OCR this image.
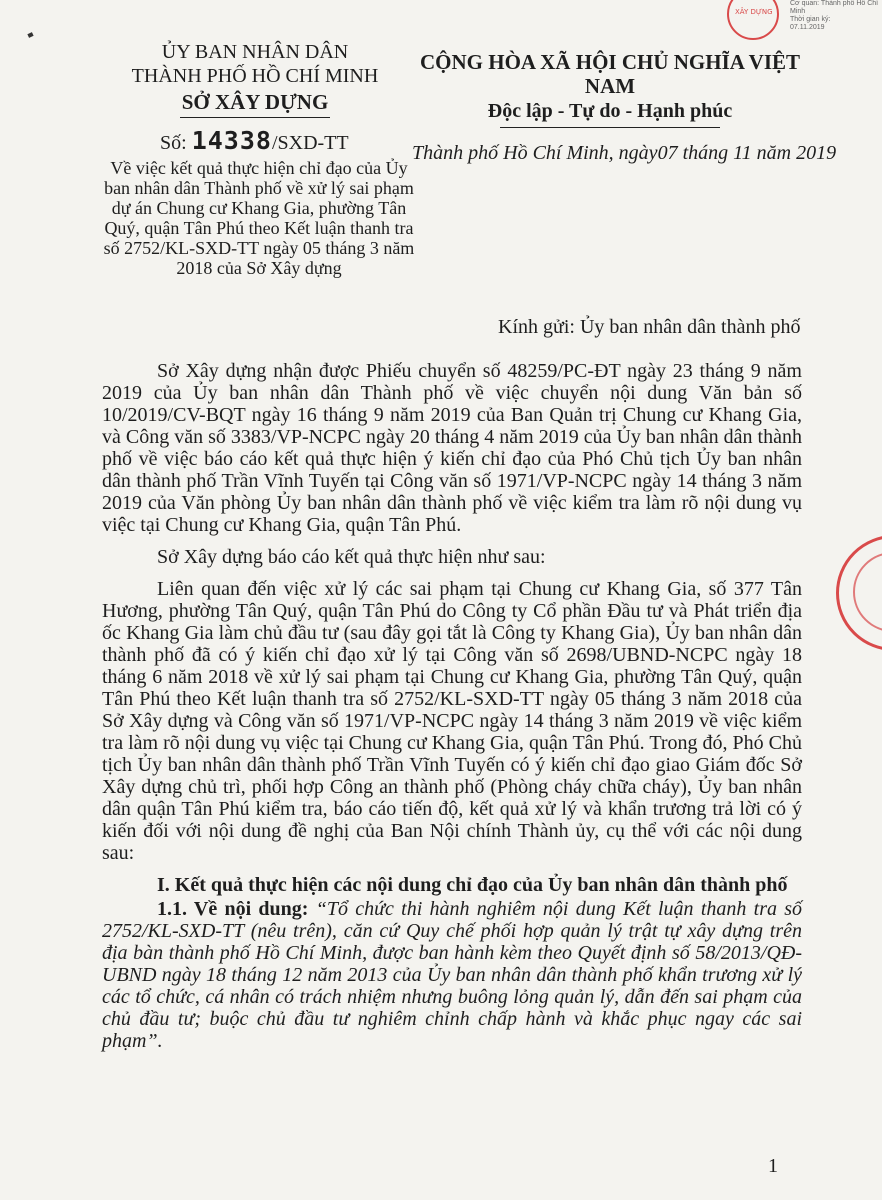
XÂY DỰNG
Cơ quan: Thành phố Hồ Chí Minh
Thời gian ký:
07.11.2019
ỦY BAN NHÂN DÂN
THÀNH PHỐ HỒ CHÍ MINH
SỞ XÂY DỰNG
CỘNG HÒA XÃ HỘI CHỦ NGHĨA VIỆT NAM
Độc lập - Tự do - Hạnh phúc
Số: 14338/SXD-TT	Thành phố Hồ Chí Minh, ngày07 tháng 11 năm 2019
Về việc kết quả thực hiện chỉ đạo của Ủy ban nhân dân Thành phố về xử lý sai phạm dự án Chung cư Khang Gia, phường Tân Quý, quận Tân Phú theo Kết luận thanh tra số 2752/KL-SXD-TT ngày 05 tháng 3 năm 2018 của Sở Xây dựng
Kính gửi: Ủy ban nhân dân thành phố

Sở Xây dựng nhận được Phiếu chuyển số 48259/PC-ĐT ngày 23 tháng 9 năm 2019 của Ủy ban nhân dân Thành phố về việc chuyển nội dung Văn bản số 10/2019/CV-BQT ngày 16 tháng 9 năm 2019 của Ban Quản trị Chung cư Khang Gia, và Công văn số 3383/VP-NCPC ngày 20 tháng 4 năm 2019 của Ủy ban nhân dân thành phố về việc báo cáo kết quả thực hiện ý kiến chỉ đạo của Phó Chủ tịch Ủy ban nhân dân thành phố Trần Vĩnh Tuyến tại Công văn số 1971/VP-NCPC ngày 14 tháng 3 năm 2019 của Văn phòng Ủy ban nhân dân thành phố về việc kiểm tra làm rõ nội dung vụ việc tại Chung cư Khang Gia, quận Tân Phú.

Sở Xây dựng báo cáo kết quả thực hiện như sau:

Liên quan đến việc xử lý các sai phạm tại Chung cư Khang Gia, số 377 Tân Hương, phường Tân Quý, quận Tân Phú do Công ty Cổ phần Đầu tư và Phát triển địa ốc Khang Gia làm chủ đầu tư (sau đây gọi tắt là Công ty Khang Gia), Ủy ban nhân dân thành phố đã có ý kiến chỉ đạo xử lý tại Công văn số 2698/UBND-NCPC ngày 18 tháng 6 năm 2018 về xử lý sai phạm tại Chung cư Khang Gia, phường Tân Quý, quận Tân Phú theo Kết luận thanh tra số 2752/KL-SXD-TT ngày 05 tháng 3 năm 2018 của Sở Xây dựng và Công văn số 1971/VP-NCPC ngày 14 tháng 3 năm 2019 về việc kiểm tra làm rõ nội dung vụ việc tại Chung cư Khang Gia, quận Tân Phú. Trong đó, Phó Chủ tịch Ủy ban nhân dân thành phố Trần Vĩnh Tuyến có ý kiến chỉ đạo giao Giám đốc Sở Xây dựng chủ trì, phối hợp Công an thành phố (Phòng cháy chữa cháy), Ủy ban nhân dân quận Tân Phú kiểm tra, báo cáo tiến độ, kết quả xử lý và khẩn trương trả lời có ý kiến đối với nội dung đề nghị của Ban Nội chính Thành ủy, cụ thể với các nội dung sau:

I. Kết quả thực hiện các nội dung chỉ đạo của Ủy ban nhân dân thành phố

1.1. Về nội dung: “Tổ chức thi hành nghiêm nội dung Kết luận thanh tra số 2752/KL-SXD-TT (nêu trên), căn cứ Quy chế phối hợp quản lý trật tự xây dựng trên địa bàn thành phố Hồ Chí Minh, được ban hành kèm theo Quyết định số 58/2013/QĐ-UBND ngày 18 tháng 12 năm 2013 của Ủy ban nhân dân thành phố khẩn trương xử lý các tổ chức, cá nhân có trách nhiệm nhưng buông lỏng quản lý, dẫn đến sai phạm của chủ đầu tư; buộc chủ đầu tư nghiêm chỉnh chấp hành và khắc phục ngay các sai phạm”.

1
